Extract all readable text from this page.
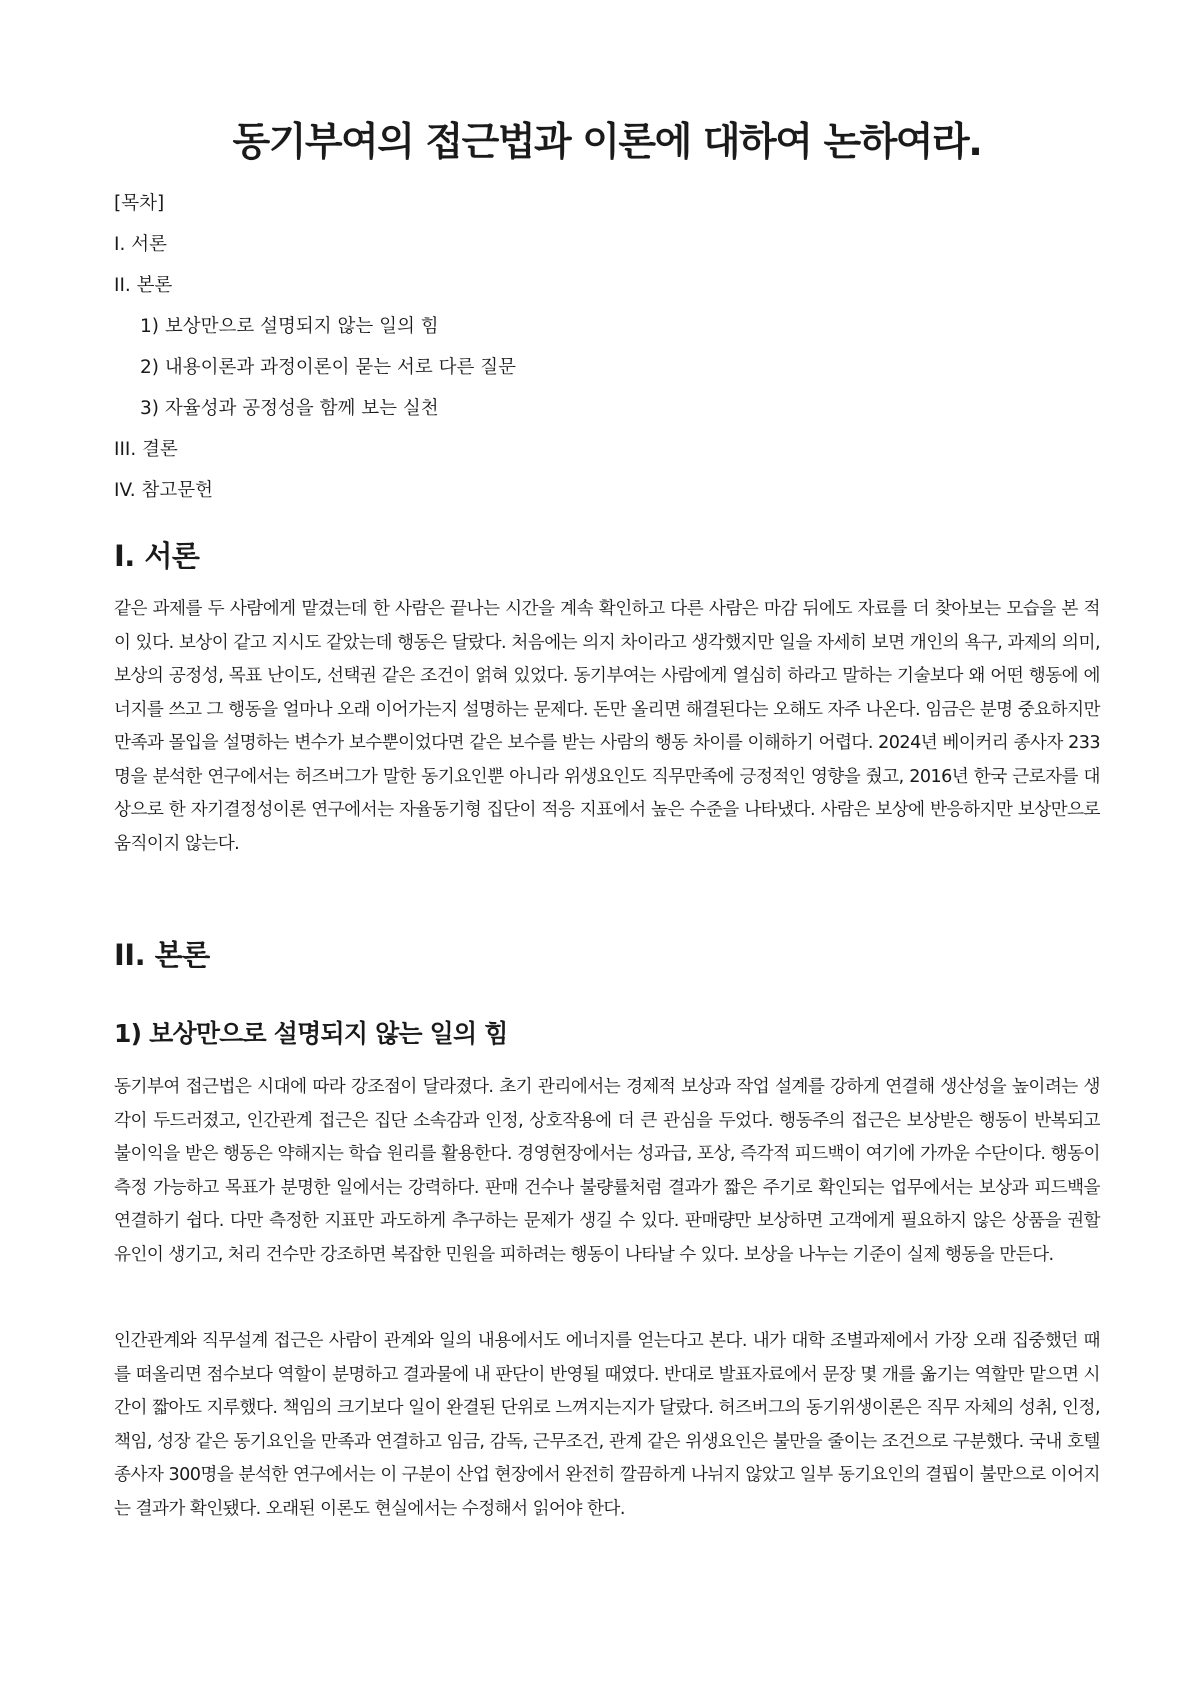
동기부여의 접근법과 이론에 대하여 논하여라.
[목차]
I. 서론
II. 본론
1) 보상만으로 설명되지 않는 일의 힘
2) 내용이론과 과정이론이 묻는 서로 다른 질문
3) 자율성과 공정성을 함께 보는 실천
III. 결론
IV. 참고문헌
I. 서론

같은 과제를 두 사람에게 맡겼는데 한 사람은 끝나는 시간을 계속 확인하고 다른 사람은 마감 뒤에도 자료를 더 찾아보는 모습을 본 적이 있다. 보상이 같고 지시도 같았는데 행동은 달랐다. 처음에는 의지 차이라고 생각했지만 일을 자세히 보면 개인의 욕구, 과제의 의미, 보상의 공정성, 목표 난이도, 선택권 같은 조건이 얽혀 있었다. 동기부여는 사람에게 열심히 하라고 말하는 기술보다 왜 어떤 행동에 에너지를 쓰고 그 행동을 얼마나 오래 이어가는지 설명하는 문제다. 돈만 올리면 해결된다는 오해도 자주 나온다. 임금은 분명 중요하지만 만족과 몰입을 설명하는 변수가 보수뿐이었다면 같은 보수를 받는 사람의 행동 차이를 이해하기 어렵다. 2024년 베이커리 종사자 233명을 분석한 연구에서는 허즈버그가 말한 동기요인뿐 아니라 위생요인도 직무만족에 긍정적인 영향을 줬고, 2016년 한국 근로자를 대상으로 한 자기결정성이론 연구에서는 자율동기형 집단이 적응 지표에서 높은 수준을 나타냈다. 사람은 보상에 반응하지만 보상만으로 움직이지 않는다.

II. 본론
1) 보상만으로 설명되지 않는 일의 힘

동기부여 접근법은 시대에 따라 강조점이 달라졌다. 초기 관리에서는 경제적 보상과 작업 설계를 강하게 연결해 생산성을 높이려는 생각이 두드러졌고, 인간관계 접근은 집단 소속감과 인정, 상호작용에 더 큰 관심을 두었다. 행동주의 접근은 보상받은 행동이 반복되고 불이익을 받은 행동은 약해지는 학습 원리를 활용한다. 경영현장에서는 성과급, 포상, 즉각적 피드백이 여기에 가까운 수단이다. 행동이 측정 가능하고 목표가 분명한 일에서는 강력하다. 판매 건수나 불량률처럼 결과가 짧은 주기로 확인되는 업무에서는 보상과 피드백을 연결하기 쉽다. 다만 측정한 지표만 과도하게 추구하는 문제가 생길 수 있다. 판매량만 보상하면 고객에게 필요하지 않은 상품을 권할 유인이 생기고, 처리 건수만 강조하면 복잡한 민원을 피하려는 행동이 나타날 수 있다. 보상을 나누는 기준이 실제 행동을 만든다.

인간관계와 직무설계 접근은 사람이 관계와 일의 내용에서도 에너지를 얻는다고 본다. 내가 대학 조별과제에서 가장 오래 집중했던 때를 떠올리면 점수보다 역할이 분명하고 결과물에 내 판단이 반영될 때였다. 반대로 발표자료에서 문장 몇 개를 옮기는 역할만 맡으면 시간이 짧아도 지루했다. 책임의 크기보다 일이 완결된 단위로 느껴지는지가 달랐다. 허즈버그의 동기위생이론은 직무 자체의 성취, 인정, 책임, 성장 같은 동기요인을 만족과 연결하고 임금, 감독, 근무조건, 관계 같은 위생요인은 불만을 줄이는 조건으로 구분했다. 국내 호텔 종사자 300명을 분석한 연구에서는 이 구분이 산업 현장에서 완전히 깔끔하게 나뉘지 않았고 일부 동기요인의 결핍이 불만으로 이어지는 결과가 확인됐다. 오래된 이론도 현실에서는 수정해서 읽어야 한다.
